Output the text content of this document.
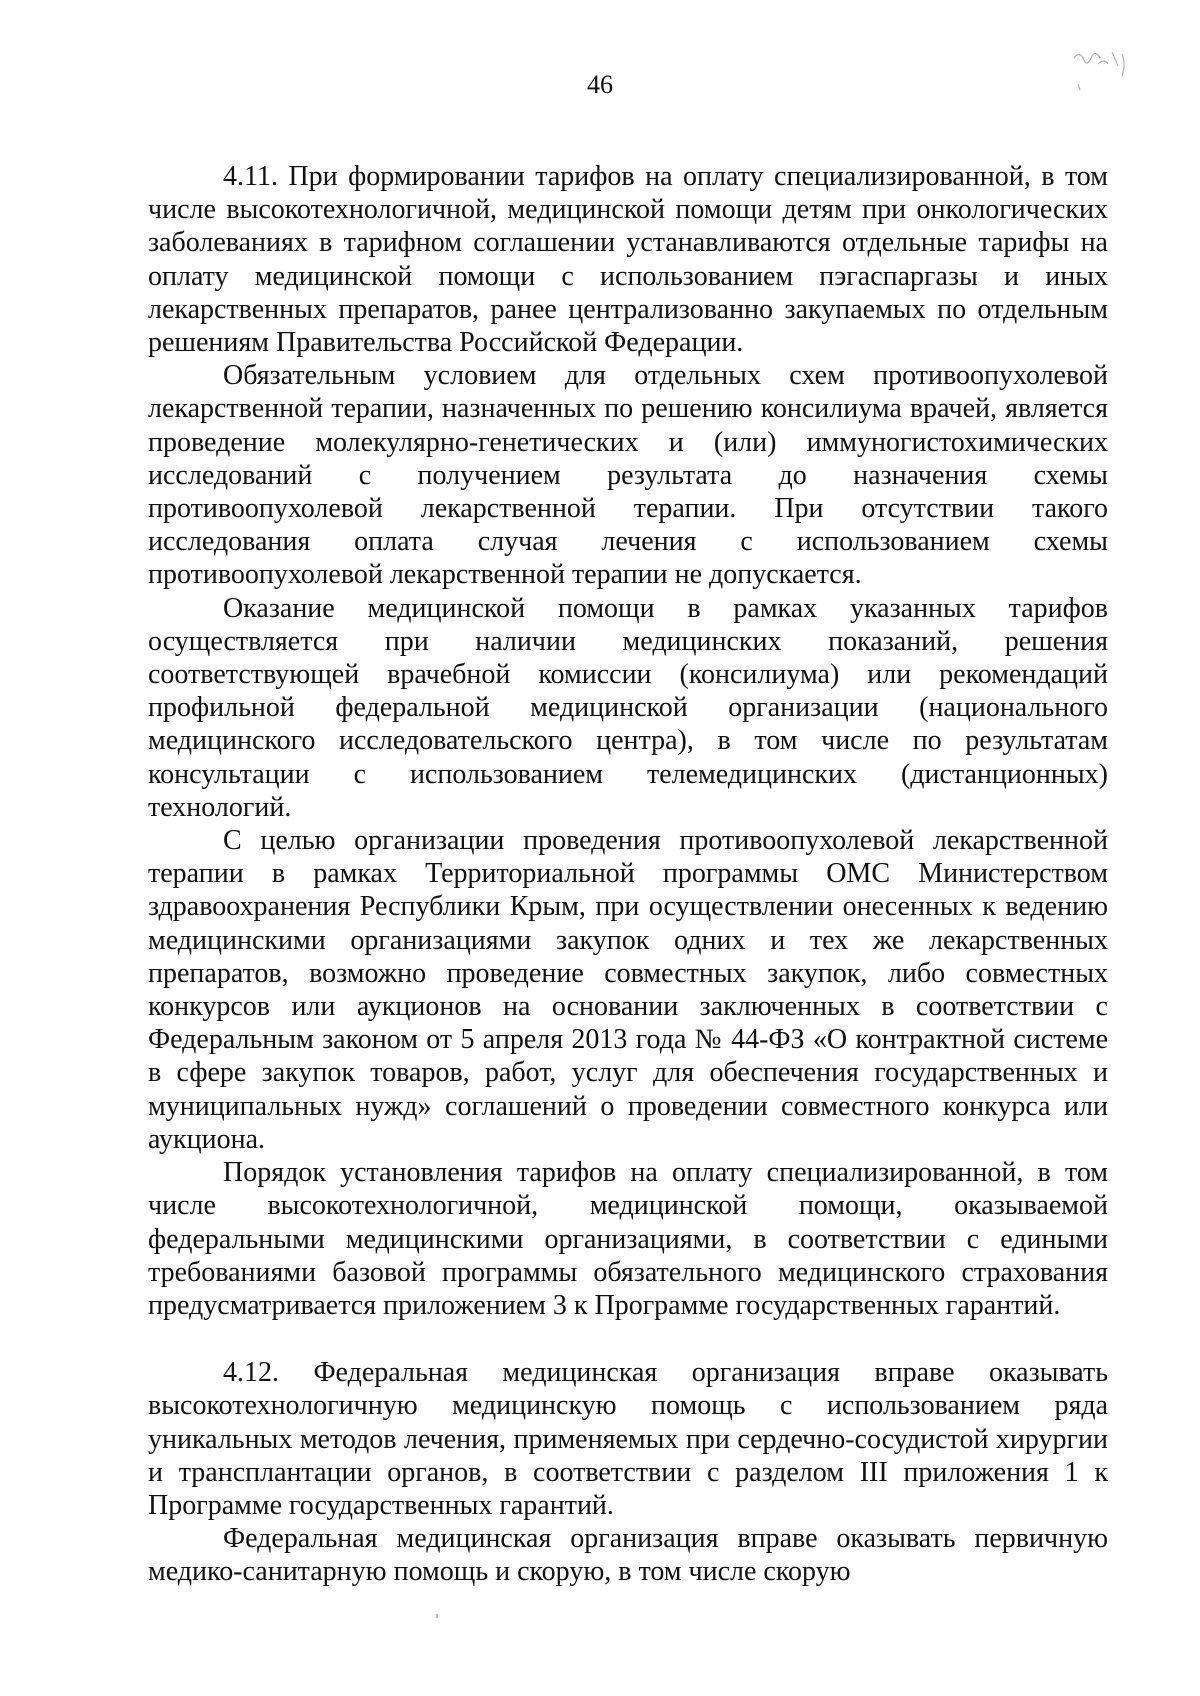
46

4.11. При формировании тарифов на оплату специализированной, в том числе высокотехнологичной, медицинской помощи детям при онкологических заболеваниях в тарифном соглашении устанавливаются отдельные тарифы на оплату медицинской помощи с использованием пэгаспаргазы и иных лекарственных препаратов, ранее централизованно закупаемых по отдельным решениям Правительства Российской Федерации.

Обязательным условием для отдельных схем противоопухолевой лекарственной терапии, назначенных по решению консилиума врачей, является проведение молекулярно-генетических и (или) иммуногистохимических исследований с получением результата до назначения схемы противоопухолевой лекарственной терапии. При отсутствии такого исследования оплата случая лечения с использованием схемы противоопухолевой лекарственной терапии не допускается.

Оказание медицинской помощи в рамках указанных тарифов осуществляется при наличии медицинских показаний, решения соответствующей врачебной комиссии (консилиума) или рекомендаций профильной федеральной медицинской организации (национального медицинского исследовательского центра), в том числе по результатам консультации с использованием телемедицинских (дистанционных) технологий.

С целью организации проведения противоопухолевой лекарственной терапии в рамках Территориальной программы ОМС Министерством здравоохранения Республики Крым, при осуществлении онесенных к ведению медицинскими организациями закупок одних и тех же лекарственных препаратов, возможно проведение совместных закупок, либо совместных конкурсов или аукционов на основании заключенных в соответствии с Федеральным законом от 5 апреля 2013 года № 44-ФЗ «О контрактной системе в сфере закупок товаров, работ, услуг для обеспечения государственных и муниципальных нужд» соглашений о проведении совместного конкурса или аукциона.

Порядок установления тарифов на оплату специализированной, в том числе высокотехнологичной, медицинской помощи, оказываемой федеральными медицинскими организациями, в соответствии с едиными требованиями базовой программы обязательного медицинского страхования предусматривается приложением 3 к Программе государственных гарантий.

4.12. Федеральная медицинская организация вправе оказывать высокотехнологичную медицинскую помощь с использованием ряда уникальных методов лечения, применяемых при сердечно-сосудистой хирургии и трансплантации органов, в соответствии с разделом III приложения 1 к Программе государственных гарантий.

Федеральная медицинская организация вправе оказывать первичную медико-санитарную помощь и скорую, в том числе скорую
